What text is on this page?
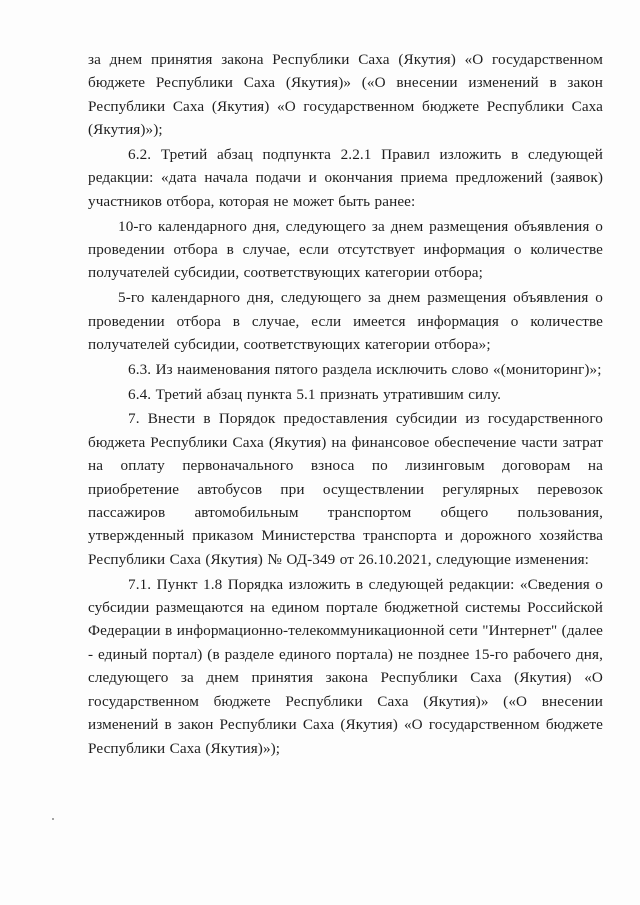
за днем принятия закона Республики Саха (Якутия) «О государственном бюджете Республики Саха (Якутия)» («О внесении изменений в закон Республики Саха (Якутия) «О государственном бюджете Республики Саха (Якутия)»);

6.2. Третий абзац подпункта 2.2.1 Правил изложить в следующей редакции: «дата начала подачи и окончания приема предложений (заявок) участников отбора, которая не может быть ранее:

10-го календарного дня, следующего за днем размещения объявления о проведении отбора в случае, если отсутствует информация о количестве получателей субсидии, соответствующих категории отбора;

5-го календарного дня, следующего за днем размещения объявления о проведении отбора в случае, если имеется информация о количестве получателей субсидии, соответствующих категории отбора»;

6.3. Из наименования пятого раздела исключить слово «(мониторинг)»;

6.4. Третий абзац пункта 5.1 признать утратившим силу.

7. Внести в Порядок предоставления субсидии из государственного бюджета Республики Саха (Якутия) на финансовое обеспечение части затрат на оплату первоначального взноса по лизинговым договорам на приобретение автобусов при осуществлении регулярных перевозок пассажиров автомобильным транспортом общего пользования, утвержденный приказом Министерства транспорта и дорожного хозяйства Республики Саха (Якутия) № ОД-349 от 26.10.2021, следующие изменения:

7.1. Пункт 1.8 Порядка изложить в следующей редакции: «Сведения о субсидии размещаются на едином портале бюджетной системы Российской Федерации в информационно-телекоммуникационной сети "Интернет" (далее - единый портал) (в разделе единого портала) не позднее 15-го рабочего дня, следующего за днем принятия закона Республики Саха (Якутия) «О государственном бюджете Республики Саха (Якутия)» («О внесении изменений в закон Республики Саха (Якутия) «О государственном бюджете Республики Саха (Якутия)»);
